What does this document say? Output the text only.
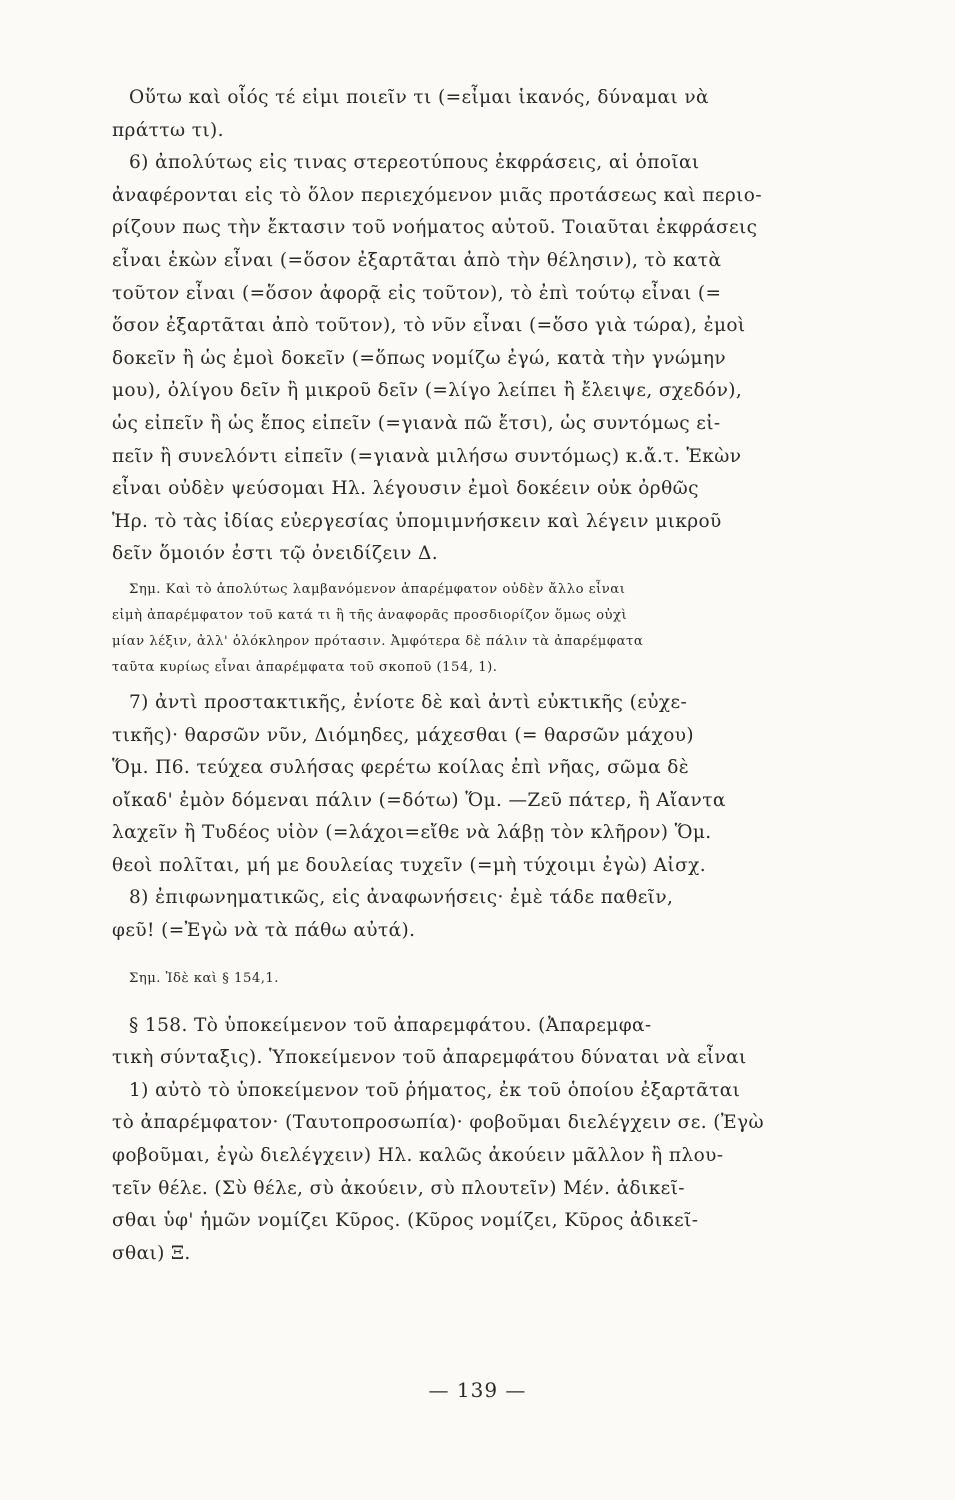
Οὕτω καὶ οἷός τέ εἰμι ποιεῖν τι (=εἶμαι ἱκανός, δύναμαι νὰ
πράττω τι).
6) ἀπολύτως εἰς τινας στερεοτύπους ἐκφράσεις, αἱ ὁποῖαι
ἀναφέρονται εἰς τὸ ὅλον περιεχόμενον μιᾶς προτάσεως καὶ περιο-
ρίζουν πως τὴν ἔκτασιν τοῦ νοήματος αὐτοῦ. Τοιαῦται ἐκφράσεις
εἶναι ἑκὼν εἶναι (=ὅσον ἐξαρτᾶται ἀπὸ τὴν θέλησιν), τὸ κατὰ
τοῦτον εἶναι (=ὅσον ἀφορᾷ εἰς τοῦτον), τὸ ἐπὶ τούτῳ εἶναι (=
ὅσον ἐξαρτᾶται ἀπὸ τοῦτον), τὸ νῦν εἶναι (=ὅσο γιὰ τώρα), ἐμοὶ
δοκεῖν ἢ ὡς ἐμοὶ δοκεῖν (=ὅπως νομίζω ἐγώ, κατὰ τὴν γνώμην
μου), ὀλίγου δεῖν ἢ μικροῦ δεῖν (=λίγο λείπει ἢ ἔλειψε, σχεδόν),
ὡς εἰπεῖν ἢ ὡς ἔπος εἰπεῖν (=γιανὰ πῶ ἔτσι), ὡς συντόμως εἰ-
πεῖν ἢ συνελόντι εἰπεῖν (=γιανὰ μιλήσω συντόμως) κ.ἄ.τ. Ἑκὼν
εἶναι οὐδὲν ψεύσομαι Ηλ. λέγουσιν ἐμοὶ δοκέειν οὐκ ὀρθῶς
Ἡρ. τὸ τὰς ἰδίας εὐεργεσίας ὑπομιμνήσκειν καὶ λέγειν μικροῦ
δεῖν ὅμοιόν ἐστι τῷ ὀνειδίζειν Δ.
Σημ. Καὶ τὸ ἀπολύτως λαμβανόμενον ἀπαρέμφατον οὐδὲν ἄλλο εἶναι
εἰμὴ ἀπαρέμφατον τοῦ κατά τι ἢ τῆς ἀναφορᾶς προσδιορίζον ὅμως οὐχὶ
μίαν λέξιν, ἀλλ' ὁλόκληρον πρότασιν. Ἀμφότερα δὲ πάλιν τὰ ἀπαρέμφατα
ταῦτα κυρίως εἶναι ἀπαρέμφατα τοῦ σκοποῦ (154, 1).
7) ἀντὶ προστακτικῆς, ἐνίοτε δὲ καὶ ἀντὶ εὐκτικῆς (εὐχε-
τικῆς)· θαρσῶν νῦν, Διόμηδες, μάχεσθαι (= θαρσῶν μάχου)
Ὅμ. Π6. τεύχεα συλήσας φερέτω κοίλας ἐπὶ νῆας, σῶμα δὲ
οἴκαδ' ἐμὸν δόμεναι πάλιν (=δότω) Ὅμ. —Ζεῦ πάτερ, ἢ Αἴαντα
λαχεῖν ἢ Τυδέος υἱὸν (=λάχοι=εἴθε νὰ λάβῃ τὸν κλῆρον) Ὅμ.
θεοὶ πολῖται, μή με δουλείας τυχεῖν (=μὴ τύχοιμι ἐγὼ) Αἰσχ.
8) ἐπιφωνηματικῶς, εἰς ἀναφωνήσεις· ἐμὲ τάδε παθεῖν,
φεῦ! (=Ἐγὼ νὰ τὰ πάθω αὐτά).
Σημ. Ἰδὲ καὶ § 154,1.
§ 158. Τὸ ὑποκείμενον τοῦ ἀπαρεμφάτου. (Ἀπαρεμφα-
τικὴ σύνταξις). Ὑποκείμενον τοῦ ἀπαρεμφάτου δύναται νὰ εἶναι
1) αὐτὸ τὸ ὑποκείμενον τοῦ ῥήματος, ἐκ τοῦ ὁποίου ἐξαρτᾶται
τὸ ἀπαρέμφατον· (Ταυτοπροσωπία)· φοβοῦμαι διελέγχειν σε. (Ἐγὼ
φοβοῦμαι, ἐγὼ διελέγχειν) Ηλ. καλῶς ἀκούειν μᾶλλον ἢ πλου-
τεῖν θέλε. (Σὺ θέλε, σὺ ἀκούειν, σὺ πλουτεῖν) Μέν. ἀδικεῖ-
σθαι ὑφ' ἡμῶν νομίζει Κῦρος. (Κῦρος νομίζει, Κῦρος ἀδικεῖ-
σθαι) Ξ.
— 139 —
